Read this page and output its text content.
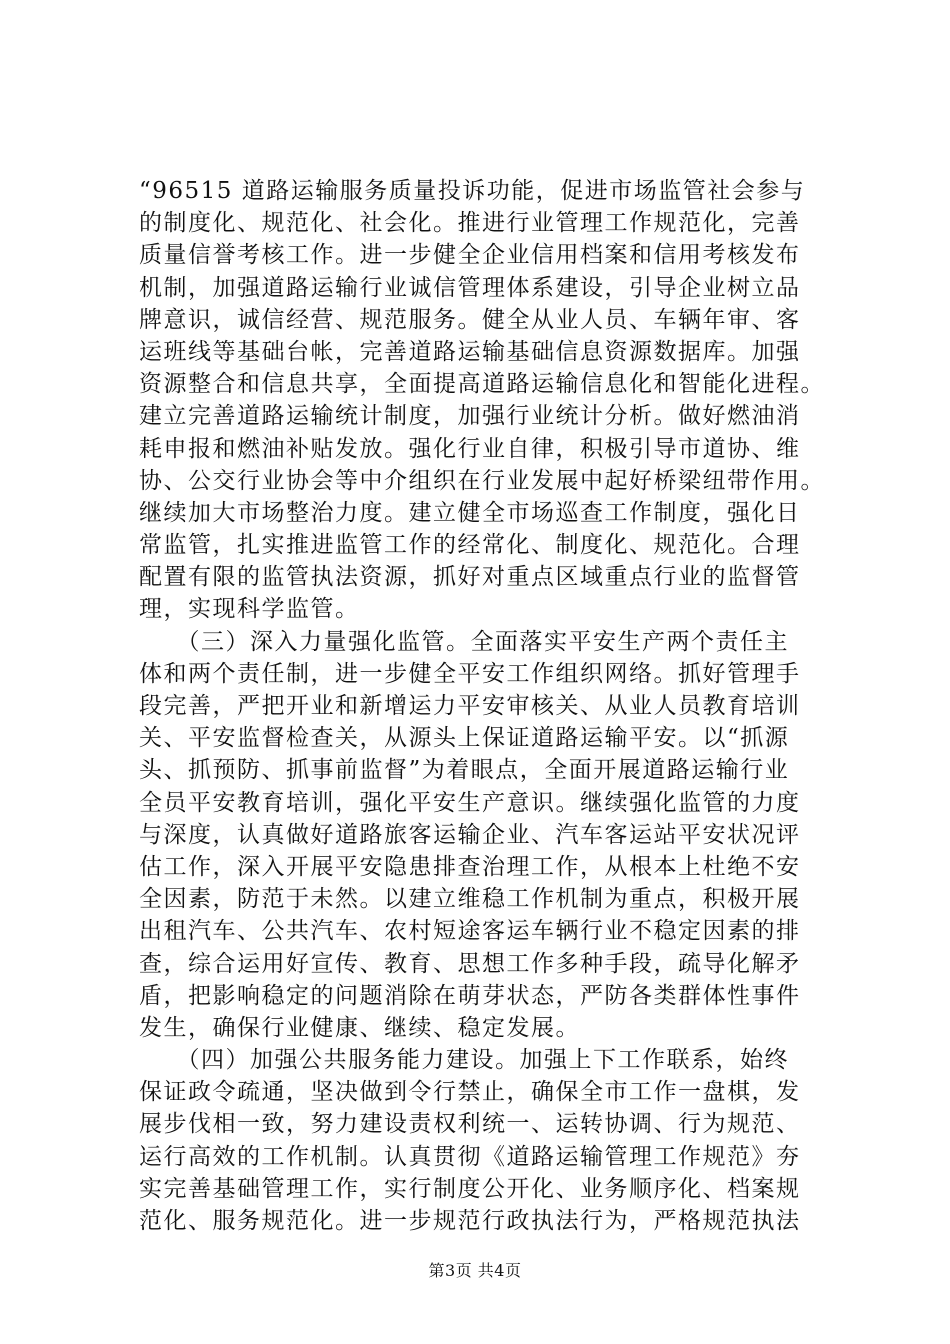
“96515 道路运输服务质量投诉功能，促进市场监管社会参与
的制度化、规范化、社会化。推进行业管理工作规范化，完善
质量信誉考核工作。进一步健全企业信用档案和信用考核发布
机制，加强道路运输行业诚信管理体系建设，引导企业树立品
牌意识，诚信经营、规范服务。健全从业人员、车辆年审、客
运班线等基础台帐，完善道路运输基础信息资源数据库。加强
资源整合和信息共享，全面提高道路运输信息化和智能化进程。
建立完善道路运输统计制度，加强行业统计分析。做好燃油消
耗申报和燃油补贴发放。强化行业自律，积极引导市道协、维
协、公交行业协会等中介组织在行业发展中起好桥梁纽带作用。
继续加大市场整治力度。建立健全市场巡查工作制度，强化日
常监管，扎实推进监管工作的经常化、制度化、规范化。合理
配置有限的监管执法资源，抓好对重点区域重点行业的监督管
理，实现科学监管。
　　（三）深入力量强化监管。全面落实平安生产两个责任主
体和两个责任制，进一步健全平安工作组织网络。抓好管理手
段完善，严把开业和新增运力平安审核关、从业人员教育培训
关、平安监督检查关，从源头上保证道路运输平安。以“抓源
头、抓预防、抓事前监督”为着眼点，全面开展道路运输行业
全员平安教育培训，强化平安生产意识。继续强化监管的力度
与深度，认真做好道路旅客运输企业、汽车客运站平安状况评
估工作，深入开展平安隐患排查治理工作，从根本上杜绝不安
全因素，防范于未然。以建立维稳工作机制为重点，积极开展
出租汽车、公共汽车、农村短途客运车辆行业不稳定因素的排
查，综合运用好宣传、教育、思想工作多种手段，疏导化解矛
盾，把影响稳定的问题消除在萌芽状态，严防各类群体性事件
发生，确保行业健康、继续、稳定发展。
　　（四）加强公共服务能力建设。加强上下工作联系，始终
保证政令疏通，坚决做到令行禁止，确保全市工作一盘棋，发
展步伐相一致，努力建设责权利统一、运转协调、行为规范、
运行高效的工作机制。认真贯彻《道路运输管理工作规范》夯
实完善基础管理工作，实行制度公开化、业务顺序化、档案规
范化、服务规范化。进一步规范行政执法行为，严格规范执法
第3页 共4页
